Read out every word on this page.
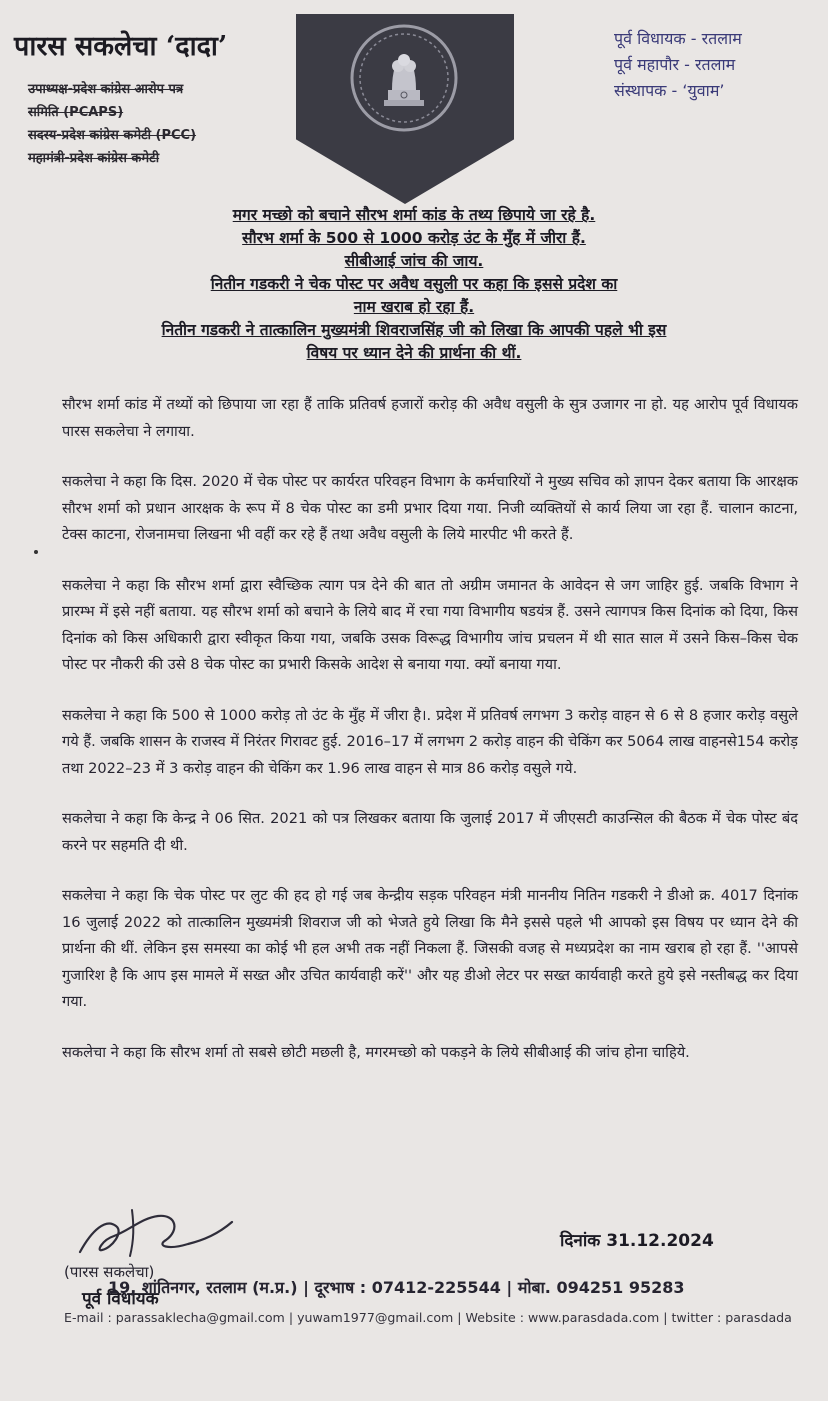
पारस सकलेचा ‘दादा’
उपाध्यक्ष-प्रदेश कांग्रेस आरोप पत्र
समिति (PCAPS)
सदस्य-प्रदेश कांग्रेस कमेटी (PCC)
महामंत्री-प्रदेश कांग्रेस कमेटी
पूर्व विधायक - रतलाम
पूर्व महापौर - रतलाम
संस्थापक - ‘युवाम’
मगर मच्छो को बचाने सौरभ शर्मा कांड के तथ्य छिपाये जा रहे है.
सौरभ शर्मा के 500 से 1000 करोड़ उंट के मुँह में जीरा हैं.
सीबीआई जांच की जाय.
नितीन गडकरी ने चेक पोस्ट पर अवैध वसुली पर कहा कि इससे प्रदेश का
नाम खराब हो रहा हैं.
नितीन गडकरी ने तात्कालिन मुख्यमंत्री शिवराजसिंह जी को लिखा कि आपकी पहले भी इस
विषय पर ध्यान देने की प्रार्थना की थीं.

सौरभ शर्मा कांड में तथ्यों को छिपाया जा रहा हैं ताकि प्रतिवर्ष हजारों करोड़ की अवैध वसुली के सुत्र उजागर ना हो. यह आरोप पूर्व विधायक पारस सकलेचा ने लगाया.

सकलेचा ने कहा कि दिस. 2020 में चेक पोस्ट पर कार्यरत परिवहन विभाग के कर्मचारियों ने मुख्य सचिव को ज्ञापन देकर बताया कि आरक्षक सौरभ शर्मा को प्रधान आरक्षक के रूप में 8 चेक पोस्ट का डमी प्रभार दिया गया. निजी व्यक्तियों से कार्य लिया जा रहा हैं. चालान काटना, टेक्स काटना, रोजनामचा लिखना भी वहीं कर रहे हैं तथा अवैध वसुली के लिये मारपीट भी करते हैं.

सकलेचा ने कहा कि सौरभ शर्मा द्वारा स्वैच्छिक त्याग पत्र देने की बात तो अग्रीम जमानत के आवेदन से जग जाहिर हुई. जबकि विभाग ने प्रारम्भ में इसे नहीं बताया. यह सौरभ शर्मा को बचाने के लिये बाद में रचा गया विभागीय षडयंत्र हैं. उसने त्यागपत्र किस दिनांक को दिया, किस दिनांक को किस अधिकारी द्वारा स्वीकृत किया गया, जबकि उसक विरूद्ध विभागीय जांच प्रचलन में थी सात साल में उसने किस–किस चेक पोस्ट पर नौकरी की उसे 8 चेक पोस्ट का प्रभारी किसके आदेश से बनाया गया. क्यों बनाया गया.

सकलेचा ने कहा कि 500 से 1000 करोड़ तो उंट के मुँह में जीरा है।. प्रदेश में प्रतिवर्ष लगभग 3 करोड़ वाहन से 6 से 8 हजार करोड़ वसुले गये हैं. जबकि शासन के राजस्व में निरंतर गिरावट हुई. 2016–17 में लगभग 2 करोड़ वाहन की चेकिंग कर 5064 लाख वाहनसे154 करोड़ तथा 2022–23 में 3 करोड़ वाहन की चेकिंग कर 1.96 लाख वाहन से मात्र 86 करोड़ वसुले गये.

सकलेचा ने कहा कि केन्द्र ने 06 सित. 2021 को पत्र लिखकर बताया कि जुलाई 2017 में जीएसटी काउन्सिल की बैठक में चेक पोस्ट बंद करने पर सहमति दी थी.

सकलेचा ने कहा कि चेक पोस्ट पर लुट की हद हो गई जब केन्द्रीय सड़क परिवहन मंत्री माननीय नितिन गडकरी ने डीओ क्र. 4017 दिनांक 16 जुलाई 2022 को तात्कालिन मुख्यमंत्री शिवराज जी को भेजते हुये लिखा कि मैने इससे पहले भी आपको इस विषय पर ध्यान देने की प्रार्थना की थीं. लेकिन इस समस्या का कोई भी हल अभी तक नहीं निकला हैं. जिसकी वजह से मध्यप्रदेश का नाम खराब हो रहा हैं. ''आपसे गुजारिश है कि आप इस मामले में सख्त और उचित कार्यवाही करें'' और यह डीओ लेटर पर सख्त कार्यवाही करते हुये इसे नस्तीबद्ध कर दिया गया.

सकलेचा ने कहा कि सौरभ शर्मा तो सबसे छोटी मछली है, मगरमच्छो को पकड़ने के लिये सीबीआई की जांच होना चाहिये.

दिनांक 31.12.2024
(पारस सकलेचा)
पूर्व विधायक
19, शांतिनगर, रतलाम (म.प्र.) | दूरभाष : 07412-225544 | मोबा. 094251 95283
E-mail : parassaklecha@gmail.com | yuwam1977@gmail.com | Website : www.parasdada.com | twitter : parasdada
